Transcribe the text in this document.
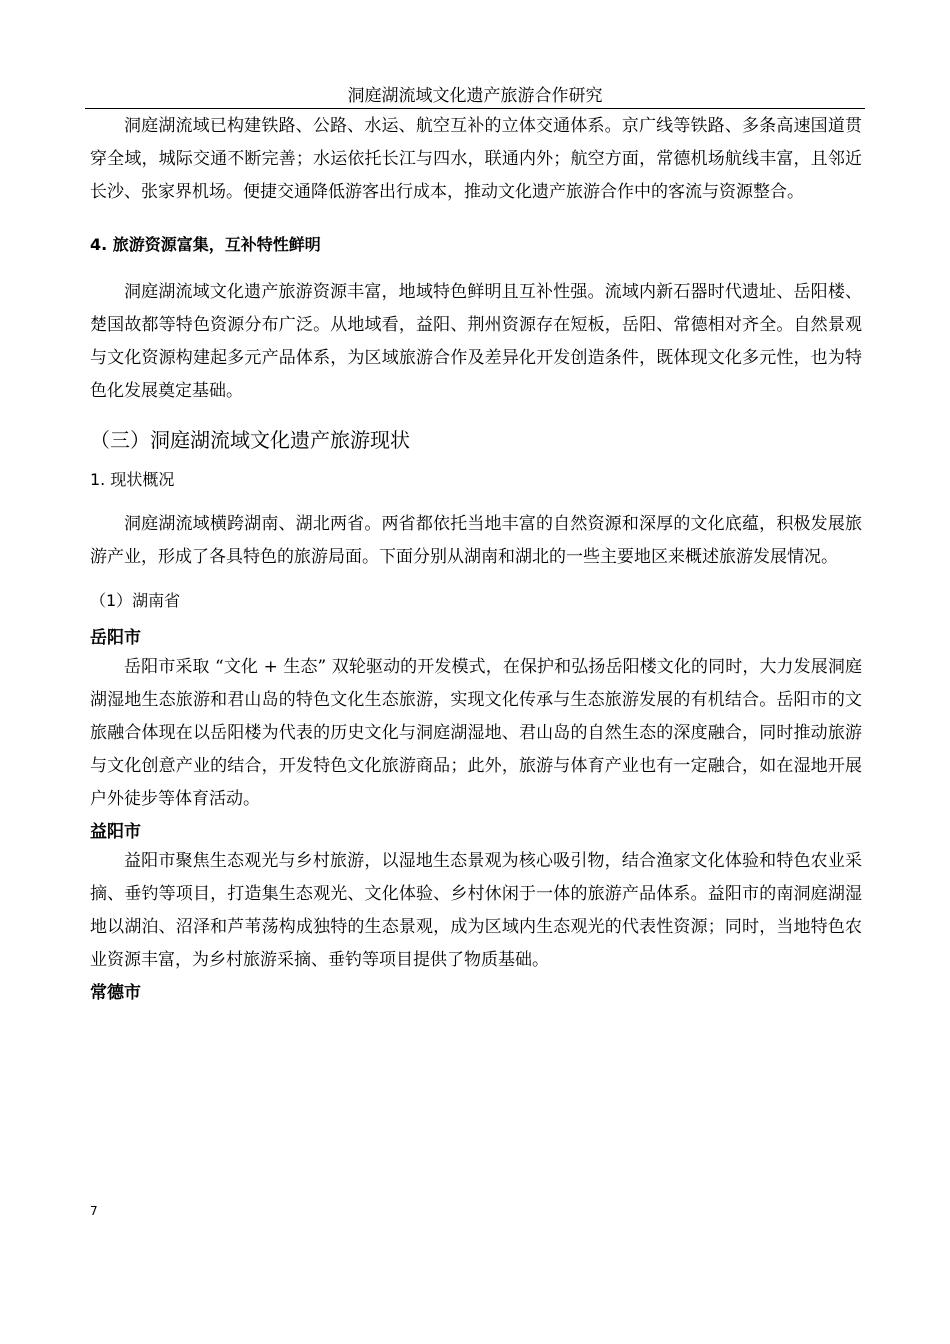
洞庭湖流域文化遗产旅游合作研究

洞庭湖流域已构建铁路、公路、水运、航空互补的立体交通体系。京广线等铁路、多条高速国道贯穿全域，城际交通不断完善；水运依托长江与四水，联通内外；航空方面，常德机场航线丰富，且邻近长沙、张家界机场。便捷交通降低游客出行成本，推动文化遗产旅游合作中的客流与资源整合。

4. 旅游资源富集，互补特性鲜明

洞庭湖流域文化遗产旅游资源丰富，地域特色鲜明且互补性强。流域内新石器时代遗址、岳阳楼、楚国故都等特色资源分布广泛。从地域看，益阳、荆州资源存在短板，岳阳、常德相对齐全。自然景观与文化资源构建起多元产品体系，为区域旅游合作及差异化开发创造条件，既体现文化多元性，也为特色化发展奠定基础。

（三）洞庭湖流域文化遗产旅游现状
1. 现状概况

洞庭湖流域横跨湖南、湖北两省。两省都依托当地丰富的自然资源和深厚的文化底蕴，积极发展旅游产业，形成了各具特色的旅游局面。下面分别从湖南和湖北的一些主要地区来概述旅游发展情况。

（1）湖南省
岳阳市

岳阳市采取 “文化 + 生态” 双轮驱动的开发模式，在保护和弘扬岳阳楼文化的同时，大力发展洞庭湖湿地生态旅游和君山岛的特色文化生态旅游，实现文化传承与生态旅游发展的有机结合。岳阳市的文旅融合体现在以岳阳楼为代表的历史文化与洞庭湖湿地、君山岛的自然生态的深度融合，同时推动旅游与文化创意产业的结合，开发特色文化旅游商品；此外，旅游与体育产业也有一定融合，如在湿地开展户外徒步等体育活动。

益阳市

益阳市聚焦生态观光与乡村旅游，以湿地生态景观为核心吸引物，结合渔家文化体验和特色农业采摘、垂钓等项目，打造集生态观光、文化体验、乡村休闲于一体的旅游产品体系。益阳市的南洞庭湖湿地以湖泊、沼泽和芦苇荡构成独特的生态景观，成为区域内生态观光的代表性资源；同时，当地特色农业资源丰富，为乡村旅游采摘、垂钓等项目提供了物质基础。

常德市
7
